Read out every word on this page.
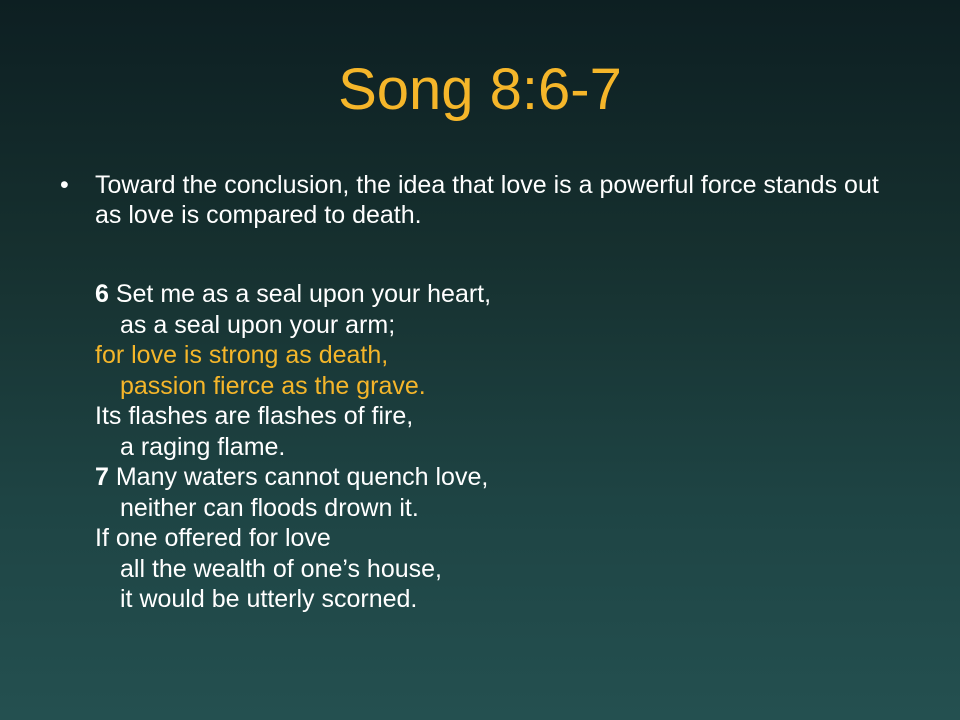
Song 8:6-7
•	Toward the conclusion, the idea that love is a powerful force stands out as love is compared to death.
6 Set me as a seal upon your heart,
as a seal upon your arm;
for love is strong as death,
passion fierce as the grave.
Its flashes are flashes of fire,
a raging flame.
7 Many waters cannot quench love,
neither can floods drown it.
If one offered for love
all the wealth of one’s house,
it would be utterly scorned.
